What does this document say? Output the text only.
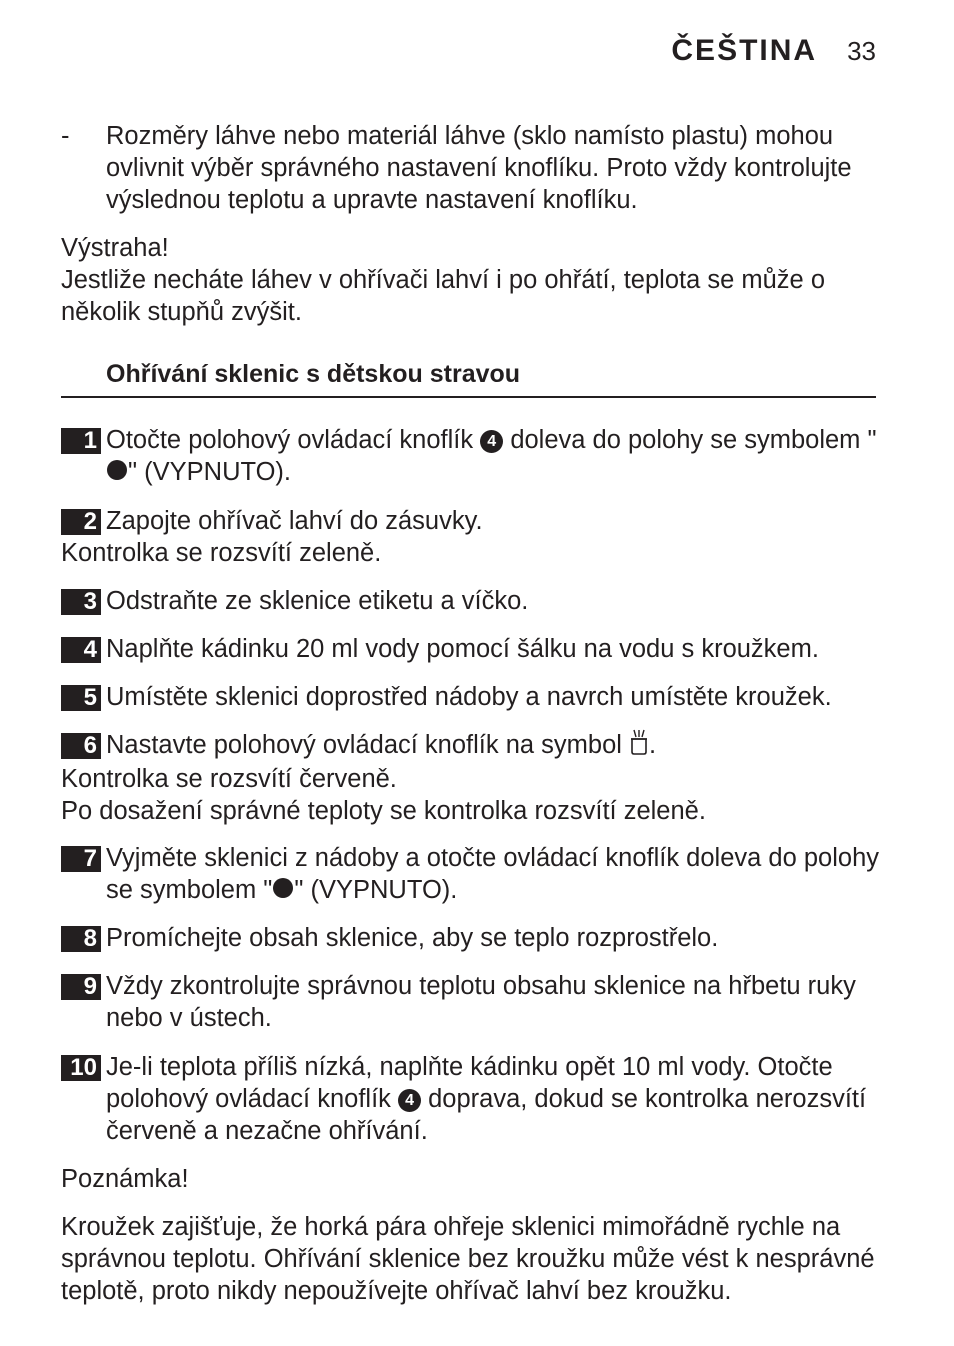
ČEŠTINA 33
-	Rozměry láhve nebo materiál láhve (sklo namísto plastu) mohou ovlivnit výběr správného nastavení knoflíku. Proto vždy kontrolujte výslednou teplotu a upravte nastavení knoflíku.
Výstraha!
Jestliže necháte láhev v ohřívači lahví i po ohřátí, teplota se může o několik stupňů zvýšit.
Ohřívání sklenic s dětskou stravou
1 Otočte polohový ovládací knoflík 4 doleva do polohy se symbolem "" (VYPNUTO).
2 Zapojte ohřívač lahví do zásuvky.
Kontrolka se rozsvítí zeleně.
3 Odstraňte ze sklenice etiketu a víčko.
4 Naplňte kádinku 20 ml vody pomocí šálku na vodu s kroužkem.
5 Umístěte sklenici doprostřed nádoby a navrch umístěte kroužek.
6 Nastavte polohový ovládací knoflík na symbol .
Kontrolka se rozsvítí červeně.
Po dosažení správné teploty se kontrolka rozsvítí zeleně.
7 Vyjměte sklenici z nádoby a otočte ovládací knoflík doleva do polohy se symbolem " " (VYPNUTO).
8 Promíchejte obsah sklenice, aby se teplo rozprostřelo.
9 Vždy zkontrolujte správnou teplotu obsahu sklenice na hřbetu ruky nebo v ústech.
10 Je-li teplota příliš nízká, naplňte kádinku opět 10 ml vody. Otočte polohový ovládací knoflík 4 doprava, dokud se kontrolka nerozsvítí červeně a nezačne ohřívání.
Poznámka!
Kroužek zajišťuje, že horká pára ohřeje sklenici mimořádně rychle na správnou teplotu. Ohřívání sklenice bez kroužku může vést k nesprávné teplotě, proto nikdy nepoužívejte ohřívač lahví bez kroužku.
